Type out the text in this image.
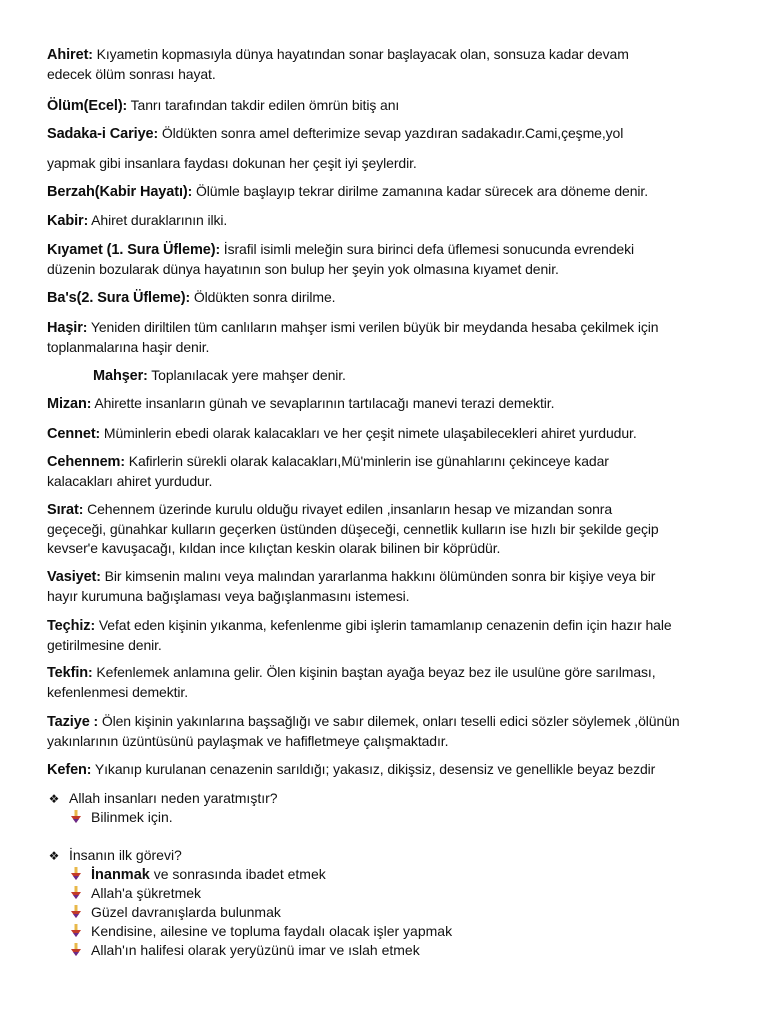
Ahiret: Kıyametin kopmasıyla dünya hayatından sonar başlayacak olan, sonsuza kadar devam
edecek ölüm sonrası hayat.
Ölüm(Ecel): Tanrı tarafından takdir edilen ömrün bitiş anı
Sadaka-i Cariye: Öldükten sonra amel defterimize sevap yazdıran sadakadır.Cami,çeşme,yol
yapmak gibi insanlara faydası dokunan her çeşit iyi şeylerdir.
Berzah(Kabir Hayatı): Ölümle başlayıp tekrar dirilme zamanına kadar sürecek ara döneme denir.
Kabir: Ahiret duraklarının ilki.
Kıyamet (1. Sura Üfleme): İsrafil isimli meleğin sura birinci defa üflemesi sonucunda evrendeki
düzenin bozularak dünya hayatının son bulup her şeyin yok olmasına kıyamet denir.
Ba's(2. Sura Üfleme): Öldükten sonra dirilme.
Haşir: Yeniden diriltilen tüm canlıların mahşer ismi verilen büyük bir meydanda hesaba çekilmek için
toplanmalarına haşir denir.
Mahşer: Toplanılacak yere mahşer denir.
Mizan: Ahirette insanların günah ve sevaplarının tartılacağı manevi terazi demektir.
Cennet: Müminlerin ebedi olarak kalacakları ve her çeşit nimete ulaşabilecekleri ahiret yurdudur.
Cehennem: Kafirlerin sürekli olarak kalacakları,Mü'minlerin ise günahlarını çekinceye kadar
kalacakları ahiret yurdudur.
Sırat: Cehennem üzerinde kurulu olduğu rivayet edilen ,insanların hesap ve mizandan sonra
geçeceği, günahkar kulların geçerken üstünden düşeceği, cennetlik kulların ise hızlı bir şekilde geçip
kevser'e kavuşacağı, kıldan ince kılıçtan keskin olarak bilinen bir köprüdür.
Vasiyet: Bir kimsenin malını veya malından yararlanma hakkını ölümünden sonra bir kişiye veya bir
hayır kurumuna bağışlaması veya bağışlanmasını istemesi.
Teçhiz: Vefat eden kişinin yıkanma, kefenlenme gibi işlerin tamamlanıp cenazenin defin için hazır hale
getirilmesine denir.
Tekfin: Kefenlemek anlamına gelir. Ölen kişinin baştan ayağa beyaz bez ile usulüne göre sarılması,
kefenlenmesi demektir.
Taziye : Ölen kişinin yakınlarına başsağlığı ve sabır dilemek, onları teselli edici sözler söylemek ,ölünün
yakınlarının üzüntüsünü paylaşmak ve hafifletmeye çalışmaktadır.
Kefen: Yıkanıp kurulanan cenazenin sarıldığı; yakasız, dikişsiz, desensiz ve genellikle beyaz bezdir
❖ Allah insanları neden yaratmıştır?
Bilinmek için.
❖ İnsanın ilk görevi?
İnanmak ve sonrasında ibadet etmek
Allah'a şükretmek
Güzel davranışlarda bulunmak
Kendisine, ailesine ve topluma faydalı olacak işler yapmak
Allah'ın halifesi olarak yeryüzünü imar ve ıslah etmek
